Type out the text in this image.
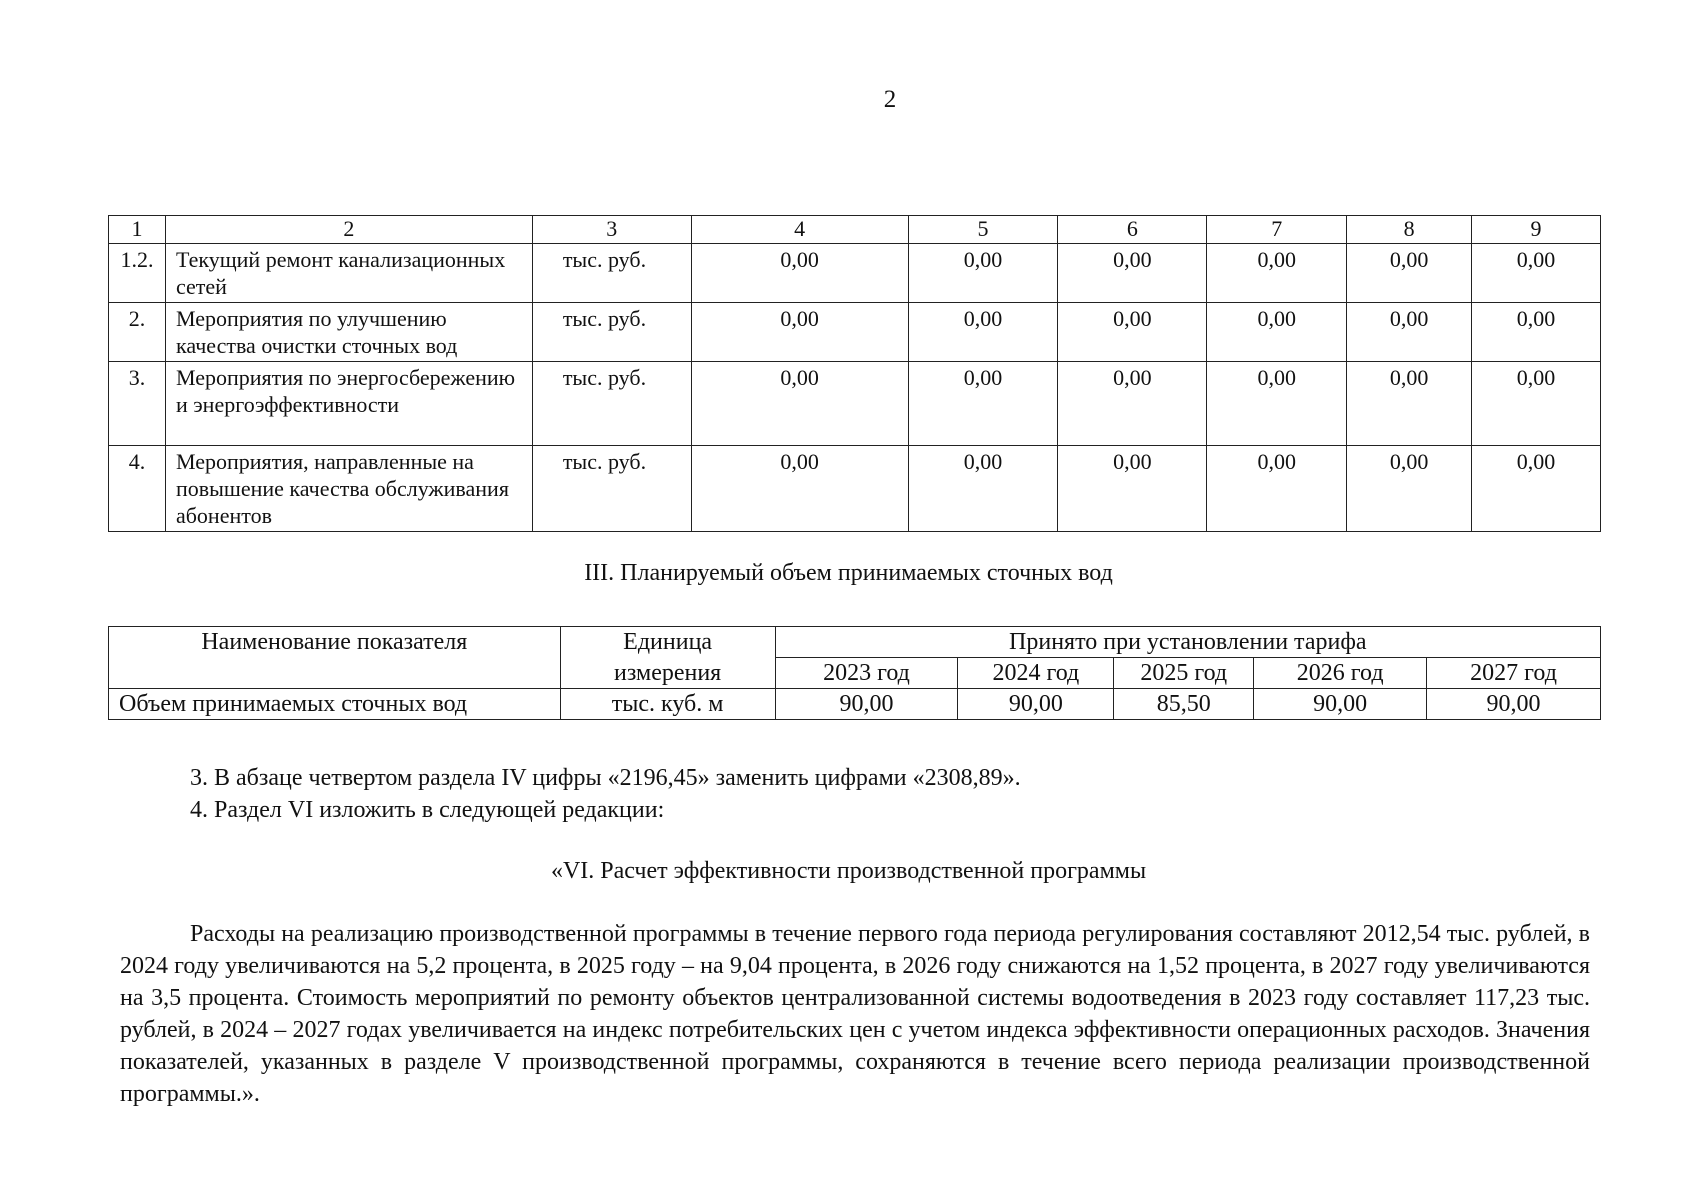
2
1	2	3	4	5	6	7	8	9
1.2.	Текущий ремонт канализационных сетей	тыс. руб.	0,00	0,00	0,00	0,00	0,00	0,00
2.	Мероприятия по улучшению качества очистки сточных вод	тыс. руб.	0,00	0,00	0,00	0,00	0,00	0,00
3.	Мероприятия по энергосбережению и энергоэффективности	тыс. руб.	0,00	0,00	0,00	0,00	0,00	0,00
4.	Мероприятия, направленные на повышение качества обслуживания абонентов	тыс. руб.	0,00	0,00	0,00	0,00	0,00	0,00
III. Планируемый объем принимаемых сточных вод
Наименование показателя	Единица	Принято при установлении тарифа				
	измерения	2023 год	2024 год	2025 год	2026 год	2027 год
Объем принимаемых сточных вод	тыс. куб. м	90,00	90,00	85,50	90,00	90,00
3. В абзаце четвертом раздела IV цифры «2196,45» заменить цифрами «2308,89».
4. Раздел VI изложить в следующей редакции:
«VI. Расчет эффективности производственной программы
Расходы на реализацию производственной программы в течение первого года периода регулирования составляют 2012,54 тыс. рублей, в 2024 году увеличиваются на 5,2 процента, в 2025 году – на 9,04 процента, в 2026 году снижаются на 1,52 процента, в 2027 году увеличиваются на 3,5 процента. Стоимость мероприятий по ремонту объектов централизованной системы водоотведения в 2023 году составляет 117,23 тыс. рублей, в 2024 – 2027 годах увеличивается на индекс потребительских цен с учетом индекса эффективности операционных расходов. Значения показателей, указанных в разделе V производственной программы, сохраняются в течение всего периода реализации производственной программы.».
